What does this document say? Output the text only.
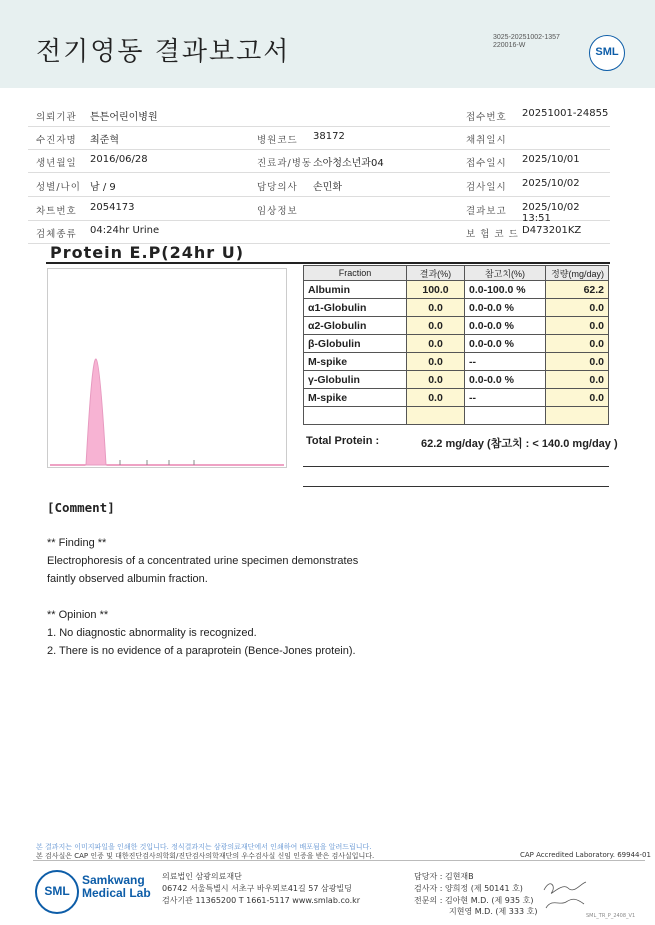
전기영동 결과보고서	3025-20251002-1357
220016-W
SML
의뢰기관 튼튼어린이병원	접수번호 20251001-24855
수진자명 최준혁	병원코드 38172	채취일시
생년월일 2016/06/28	진료과/병동 소아청소년과04	접수일시 2025/10/01
성별/나이 남 / 9	담당의사 손민화	검사일시 2025/10/02
차트번호 2054173	임상정보	결과보고 2025/10/02 13:51
검체종류 04:24hr Urine	보 험 코 드 D473201KZ
Protein E.P(24hr U)
Fraction	결과(%)	참고치(%)	정량(mg/day)
Albumin	100.0	0.0-100.0 %	62.2
α1-Globulin	0.0	0.0-0.0 %	0.0
α2-Globulin	0.0	0.0-0.0 %	0.0
β-Globulin	0.0	0.0-0.0 %	0.0
M-spike	0.0	--	0.0
γ-Globulin	0.0	0.0-0.0 %	0.0
M-spike	0.0	--	0.0

Total Protein :	62.2 mg/day (참고치 : < 140.0 mg/day )
[Comment]
** Finding **
Electrophoresis of a concentrated urine specimen demonstrates
faintly observed albumin fraction.
** Opinion **
1. No diagnostic abnormality is recognized.
2. There is no evidence of a paraprotein (Bence-Jones protein).
본 결과지는 이미지파일을 인쇄한 것입니다. 정식결과지는 삼광의료재단에서 인쇄하여 배포됨을 알려드립니다.
본 검사실은 CAP 인증 및 대한진단검사의학회/진단검사의학재단의 우수검사실 신임 인증을 받은 검사실입니다.	CAP Accredited Laboratory. 69944-01
SML
Samkwang
Medical Lab
의료법인 삼광의료재단
06742 서울특별시 서초구 바우뫼로41길 57 삼광빌딩
검사기관 11365200 T 1661-5117 www.smlab.co.kr
담당자 : 김현재B
검사자 : 양희정 (제 50141 호)
전문의 : 김아현 M.D. (제 935 호)
지현영 M.D. (제 333 호)	SML_TR_P_2408_V1
